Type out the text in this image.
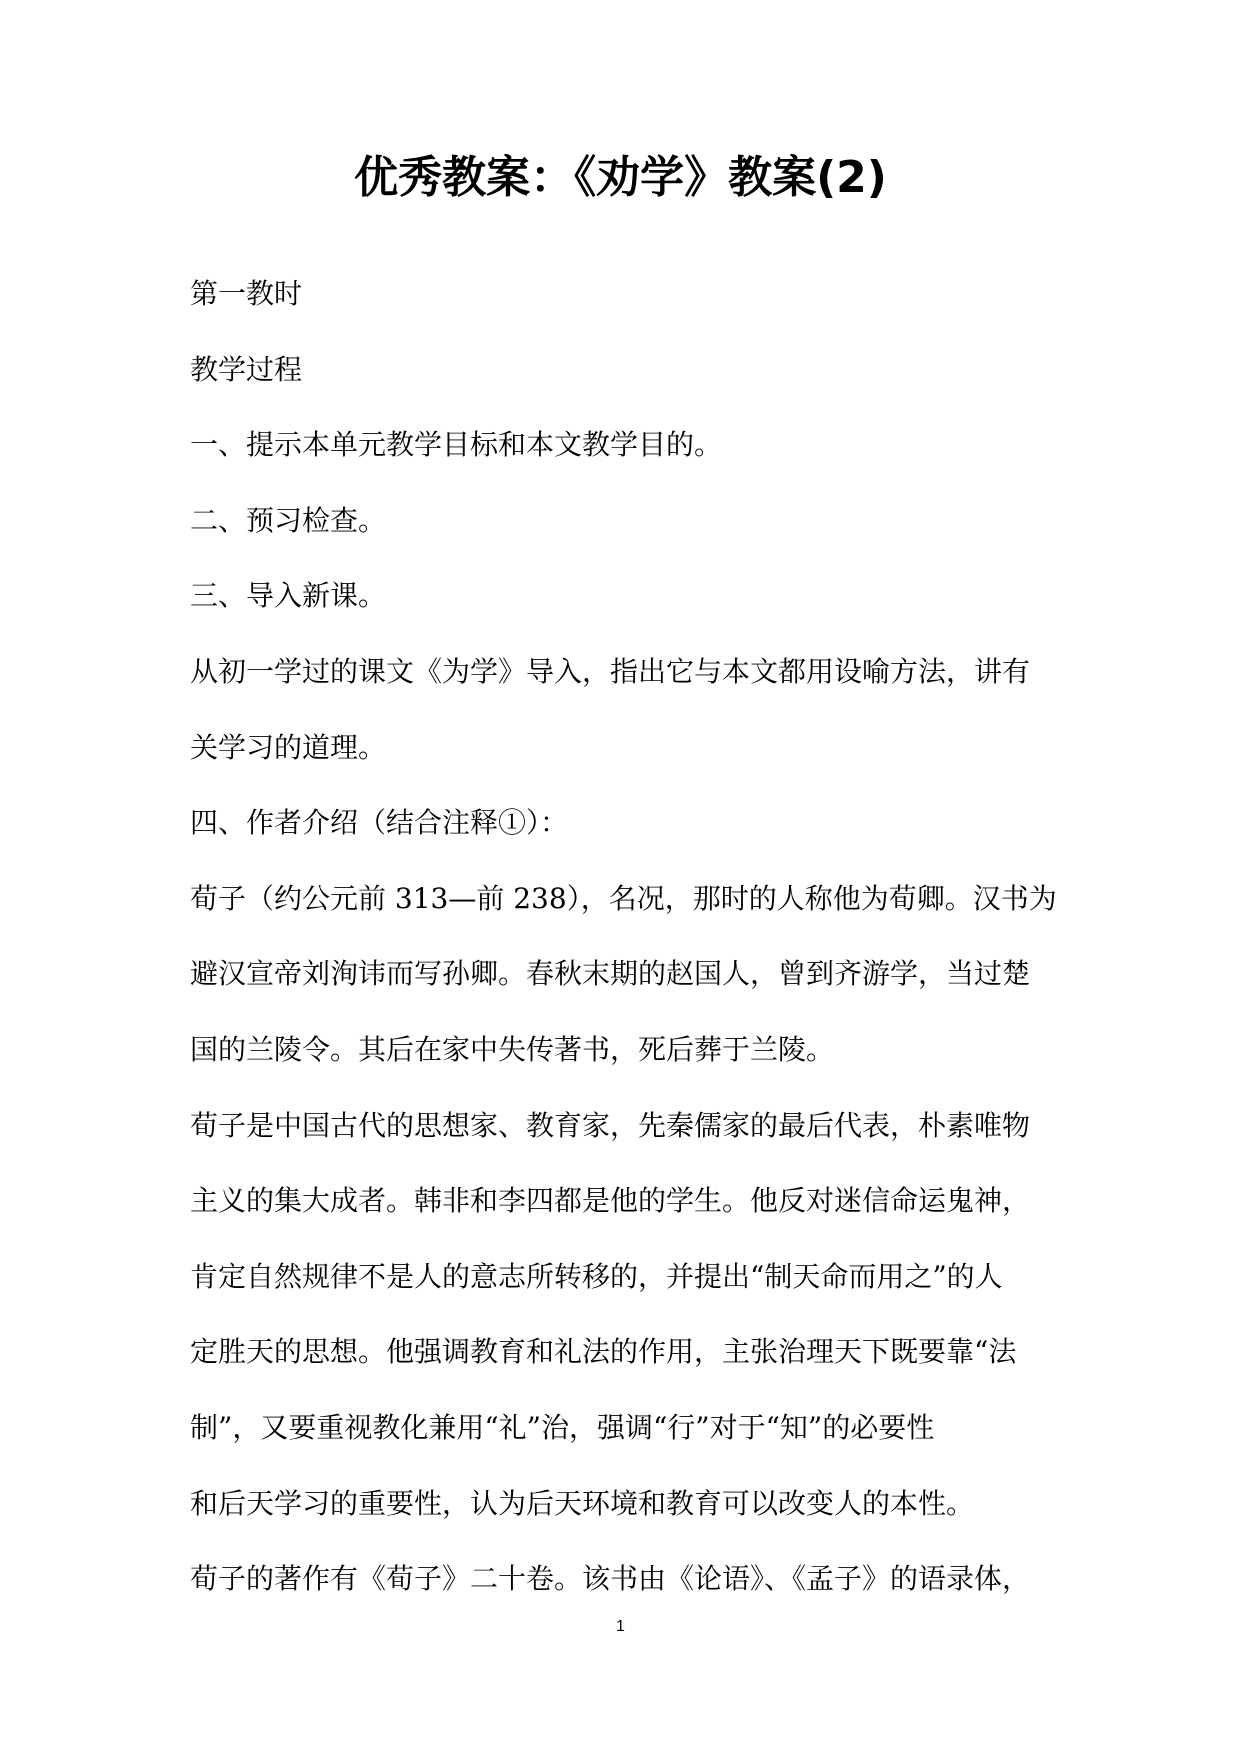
优秀教案：《劝学》教案(2)
第一教时
教学过程
一、提示本单元教学目标和本文教学目的。
二、预习检查。
三、导入新课。
从初一学过的课文《为学》导入，指出它与本文都用设喻方法，讲有
关学习的道理。
四、作者介绍（结合注释①）：
荀子（约公元前 313—前 238），名况，那时的人称他为荀卿。汉书为
避汉宣帝刘洵讳而写孙卿。春秋末期的赵国人，曾到齐游学，当过楚
国的兰陵令。其后在家中失传著书，死后葬于兰陵。
荀子是中国古代的思想家、教育家，先秦儒家的最后代表，朴素唯物
主义的集大成者。韩非和李四都是他的学生。他反对迷信命运鬼神，
肯定自然规律不是人的意志所转移的，并提出“制天命而用之”的人
定胜天的思想。他强调教育和礼法的作用，主张治理天下既要靠“法
制”，又要重视教化兼用“礼”治，强调“行”对于“知”的必要性
和后天学习的重要性，认为后天环境和教育可以改变人的本性。
荀子的著作有《荀子》二十卷。该书由《论语》、《孟子》的语录体，
1
